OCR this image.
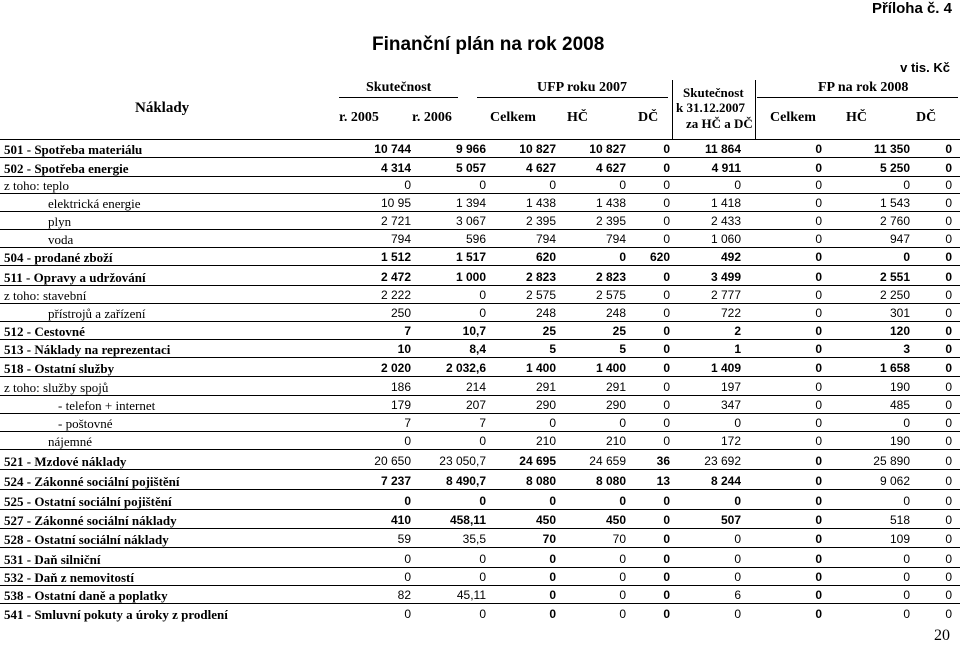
Příloha č. 4
Finanční plán na rok 2008
v tis. Kč
Náklady
Skutečnost
r. 2005 r. 2006
UFP roku 2007
Celkem HČ	DČ
Skutečnost
k 31.12.2007
za HČ a DČ
FP na rok 2008
Celkem HČ	DČ
501 - Spotřeba materiálu	10 744	9 966	10 827	10 827	0	11 864	0	11 350	0
502 - Spotřeba energie	4 314	5 057	4 627	4 627	0	4 911	0	5 250	0
z toho: teplo	0	0	0	0	0	0	0	0	0
elektrická energie	10 95	1 394	1 438	1 438	0	1 418	0	1 543	0
plyn	2 721	3 067	2 395	2 395	0	2 433	0	2 760	0
voda	794	596	794	794	0	1 060	0	947	0
504 - prodané zboží	1 512	1 517	620	0	620	492	0	0	0
511 - Opravy a udržování	2 472	1 000	2 823	2 823	0	3 499	0	2 551	0
z toho: stavební	2 222	0	2 575	2 575	0	2 777	0	2 250	0
přístrojů a zařízení	250	0	248	248	0	722	0	301	0
512 - Cestovné	7	10,7	25	25	0	2	0	120	0
513 - Náklady na reprezentaci	10	8,4	5	5	0	1	0	3	0
518 - Ostatní služby	2 020	2 032,6	1 400	1 400	0	1 409	0	1 658	0
z toho: služby spojů	186	214	291	291	0	197	0	190	0
- telefon + internet	179	207	290	290	0	347	0	485	0
- poštovné	7	7	0	0	0	0	0	0	0
nájemné	0	0	210	210	0	172	0	190	0
521 - Mzdové náklady	20 650	23 050,7	24 695	24 659	36	23 692	0	25 890	0
524 - Zákonné sociální pojištění	7 237	8 490,7	8 080	8 080	13	8 244	0	9 062	0
525 - Ostatní sociální pojištění	0	0	0	0	0	0	0	0	0
527 - Zákonné sociální náklady	410	458,11	450	450	0	507	0	518	0
528 - Ostatní sociální náklady	59	35,5	70	70	0	0	0	109	0
531 - Daň silniční	0	0	0	0	0	0	0	0	0
532 - Daň z nemovitostí	0	0	0	0	0	0	0	0	0
538 - Ostatní daně a poplatky	82	45,11	0	0	0	6	0	0	0
541 - Smluvní pokuty a úroky z prodlení	0	0	0	0	0	0	0	0	0
20
